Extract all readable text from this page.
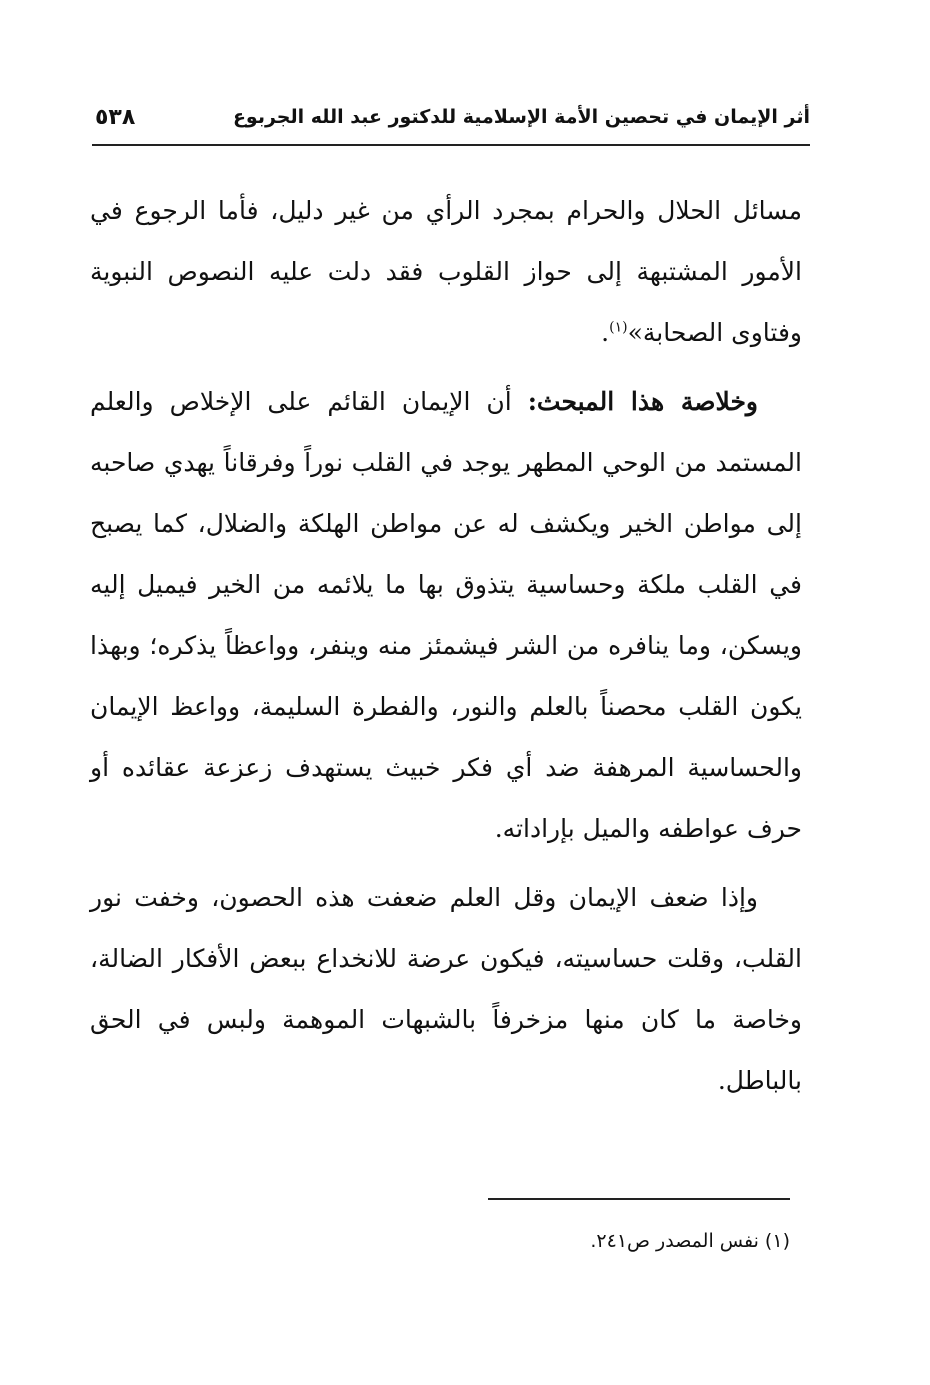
أثر الإيمان في تحصين الأمة الإسلامية للدكتور عبد الله الجربوع
٥٣٨

مسائل الحلال والحرام بمجرد الرأي من غير دليل، فأما الرجوع في الأمور المشتبهة إلى حواز القلوب فقد دلت عليه النصوص النبوية وفتاوى الصحابة»$^{(١)}$.

وخلاصة هذا المبحث: أن الإيمان القائم على الإخلاص والعلم المستمد من الوحي المطهر يوجد في القلب نوراً وفرقاناً يهدي صاحبه إلى مواطن الخير ويكشف له عن مواطن الهلكة والضلال، كما يصبح في القلب ملكة وحساسية يتذوق بها ما يلائمه من الخير فيميل إليه ويسكن، وما ينافره من الشر فيشمئز منه وينفر، وواعظاً يذكره؛ وبهذا يكون القلب محصناً بالعلم والنور، والفطرة السليمة، وواعظ الإيمان والحساسية المرهفة ضد أي فكر خبيث يستهدف زعزعة عقائده أو حرف عواطفه والميل بإراداته.

وإذا ضعف الإيمان وقل العلم ضعفت هذه الحصون، وخفت نور القلب، وقلت حساسيته، فيكون عرضة للانخداع ببعض الأفكار الضالة، وخاصة ما كان منها مزخرفاً بالشبهات الموهمة ولبس في الحق بالباطل.

(١) نفس المصدر ص٢٤١.
